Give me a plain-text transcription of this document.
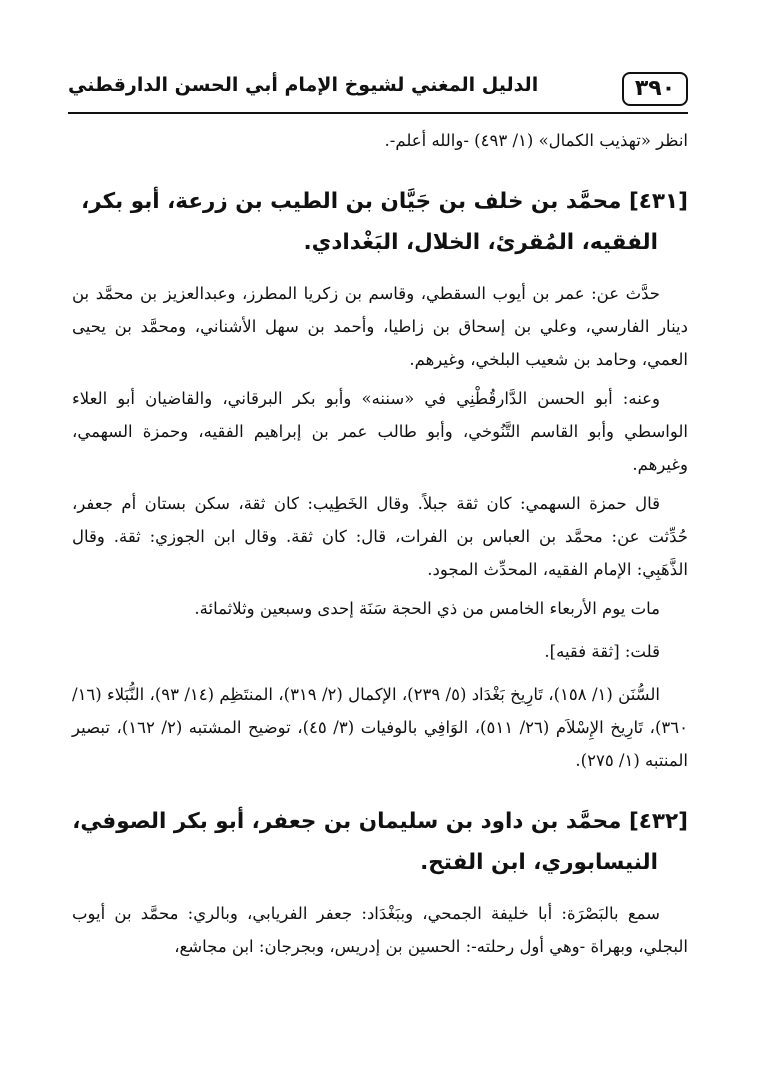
٣٩٠
الدليل المغني لشيوخ الإمام أبي الحسن الدارقطني

انظر «تهذيب الكمال» (١/ ٤٩٣) -والله أعلم-.

[٤٣١] محمَّد بن خلف بن جَيَّان بن الطيب بن زرعة، أبو بكر،
الفقيه، المُقرئ، الخلال، البَغْدادي.

حدَّث عن: عمر بن أيوب السقطي، وقاسم بن زكريا المطرز، وعبدالعزيز بن محمَّد بن دينار الفارسي، وعلي بن إسحاق بن زاطيا، وأحمد بن سهل الأشناني، ومحمَّد بن يحيى العمي، وحامد بن شعيب البلخي، وغيرهم.

وعنه: أبو الحسن الدَّارقُطْنِي في «سننه» وأبو بكر البرقاني، والقاضيان أبو العلاء الواسطي وأبو القاسم التَّنُوخي، وأبو طالب عمر بن إبراهيم الفقيه، وحمزة السهمي، وغيرهم.

قال حمزة السهمي: كان ثقة جبلاً. وقال الخَطِيب: كان ثقة، سكن بستان أم جعفر، حُدِّثت عن: محمَّد بن العباس بن الفرات، قال: كان ثقة. وقال ابن الجوزي: ثقة. وقال الذَّهَبِي: الإمام الفقيه، المحدِّث المجود.

مات يوم الأربعاء الخامس من ذي الحجة سَنَة إحدى وسبعين وثلاثمائة.

قلت: [ثقة فقيه].

السُّنَن (١/ ١٥٨)، تَارِيخ بَغْدَاد (٥/ ٢٣٩)، الإكمال (٢/ ٣١٩)، المنتَظِم (١٤/ ٩٣)، النُّبَلاء (١٦/ ٣٦٠)، تَارِيخ الإِسْلاَم (٢٦/ ٥١١)، الوَافِي بالوفيات (٣/ ٤٥)، توضيح المشتبه (٢/ ١٦٢)، تبصير المنتبه (١/ ٢٧٥).

[٤٣٢] محمَّد بن داود بن سليمان بن جعفر، أبو بكر الصوفي،
النيسابوري، ابن الفتح.

سمع بالبَصْرَة: أبا خليفة الجمحي، وببَغْدَاد: جعفر الفريابي، وبالري: محمَّد بن أيوب البجلي، وبهراة -وهي أول رحلته-: الحسين بن إدريس، وبجرجان: ابن مجاشع،
